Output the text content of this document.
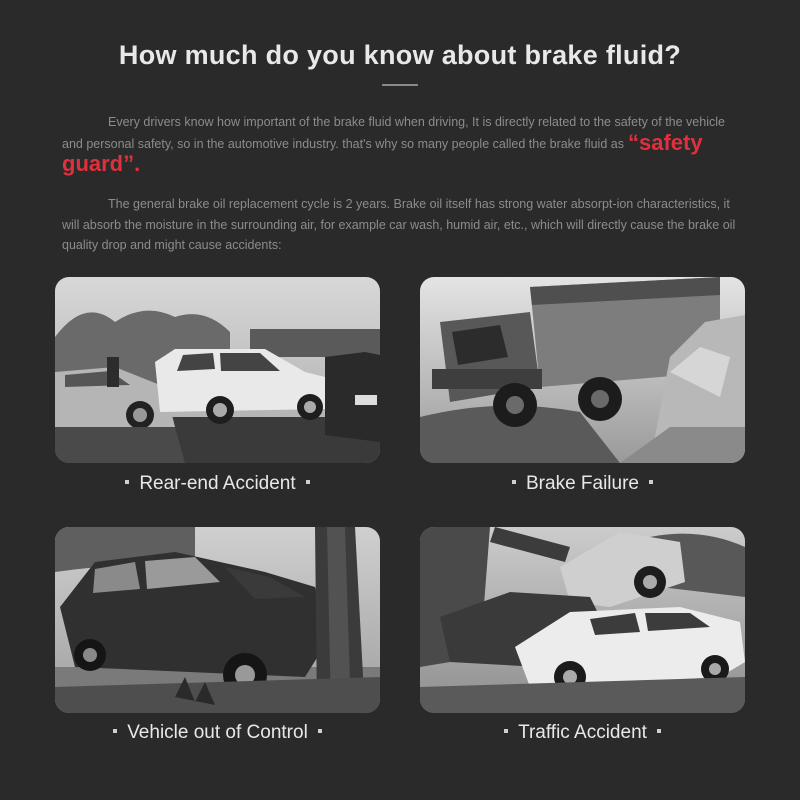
How much do you know about brake fluid?
Every drivers know how important of the brake fluid when driving, It is directly related to the safety of the vehicle and personal safety, so in the automotive industry. that's why so many people called the brake fluid as “safety guard”.
The general brake oil replacement cycle is 2 years. Brake oil itself has strong water absorpt-ion characteristics, it will absorb the moisture in the surrounding air, for example car wash, humid air, etc., which will directly cause the brake oil quality drop and might cause accidents:
Rear-end Accident	Brake Failure
Vehicle out of Control	Traffic Accident
